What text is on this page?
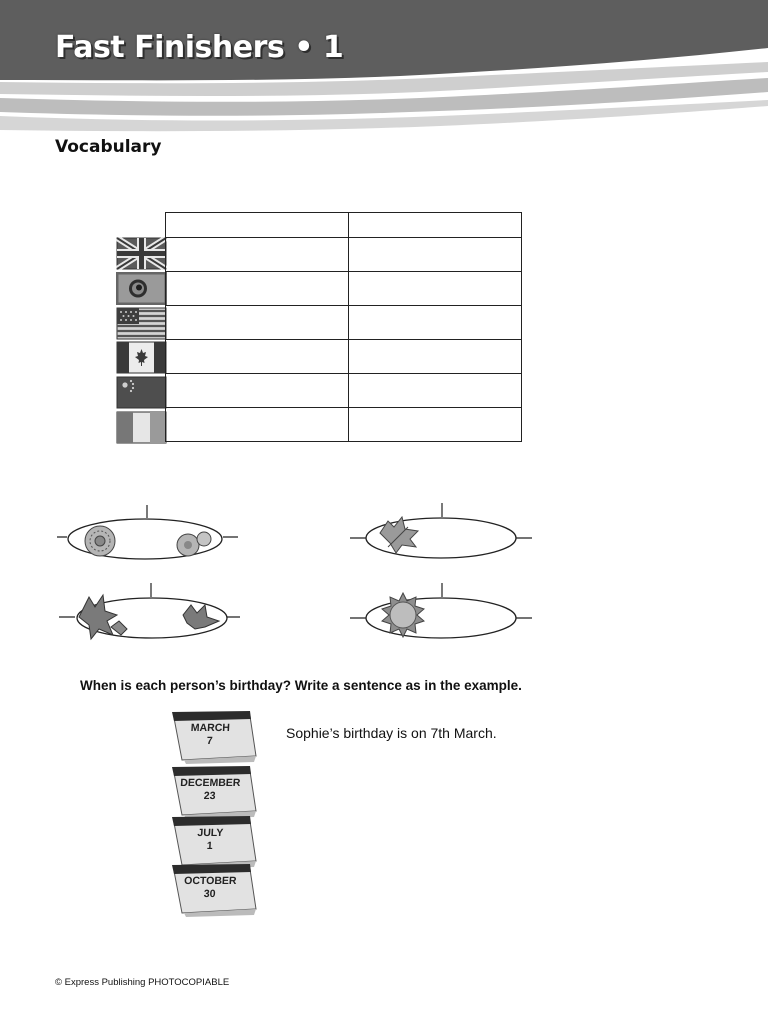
Fast Finishers • 1
Vocabulary

When is each person’s birthday? Write a sentence as in the example.

MARCH
7
DECEMBER
23
JULY
1
OCTOBER
30

Sophie’s birthday is on 7th March.

© Express Publishing PHOTOCOPIABLE
